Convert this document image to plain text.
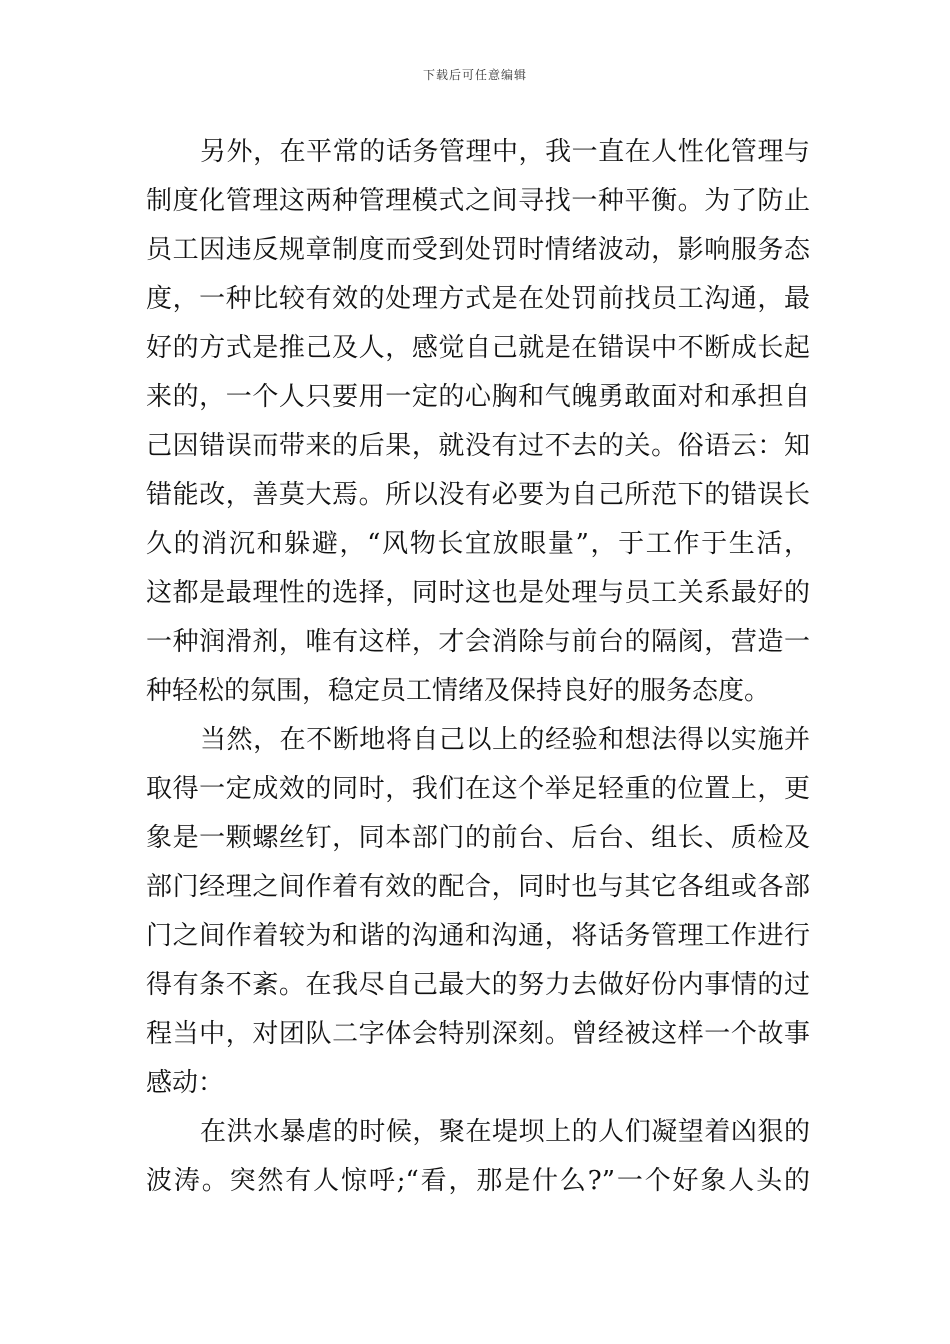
下载后可任意编辑
另外，在平常的话务管理中，我一直在人性化管理与
制度化管理这两种管理模式之间寻找一种平衡。为了防止
员工因违反规章制度而受到处罚时情绪波动，影响服务态
度，一种比较有效的处理方式是在处罚前找员工沟通，最
好的方式是推己及人，感觉自己就是在错误中不断成长起
来的，一个人只要用一定的心胸和气魄勇敢面对和承担自
己因错误而带来的后果，就没有过不去的关。俗语云：知
错能改，善莫大焉。所以没有必要为自己所范下的错误长
久的消沉和躲避，“风物长宜放眼量”，于工作于生活，
这都是最理性的选择，同时这也是处理与员工关系最好的
一种润滑剂，唯有这样，才会消除与前台的隔阂，营造一
种轻松的氛围，稳定员工情绪及保持良好的服务态度。
当然，在不断地将自己以上的经验和想法得以实施并
取得一定成效的同时，我们在这个举足轻重的位置上，更
象是一颗螺丝钉，同本部门的前台、后台、组长、质检及
部门经理之间作着有效的配合，同时也与其它各组或各部
门之间作着较为和谐的沟通和沟通，将话务管理工作进行
得有条不紊。在我尽自己最大的努力去做好份内事情的过
程当中，对团队二字体会特别深刻。曾经被这样一个故事
感动：
在洪水暴虐的时候，聚在堤坝上的人们凝望着凶狠的
波涛。突然有人惊呼;“看，那是什么?”一个好象人头的
